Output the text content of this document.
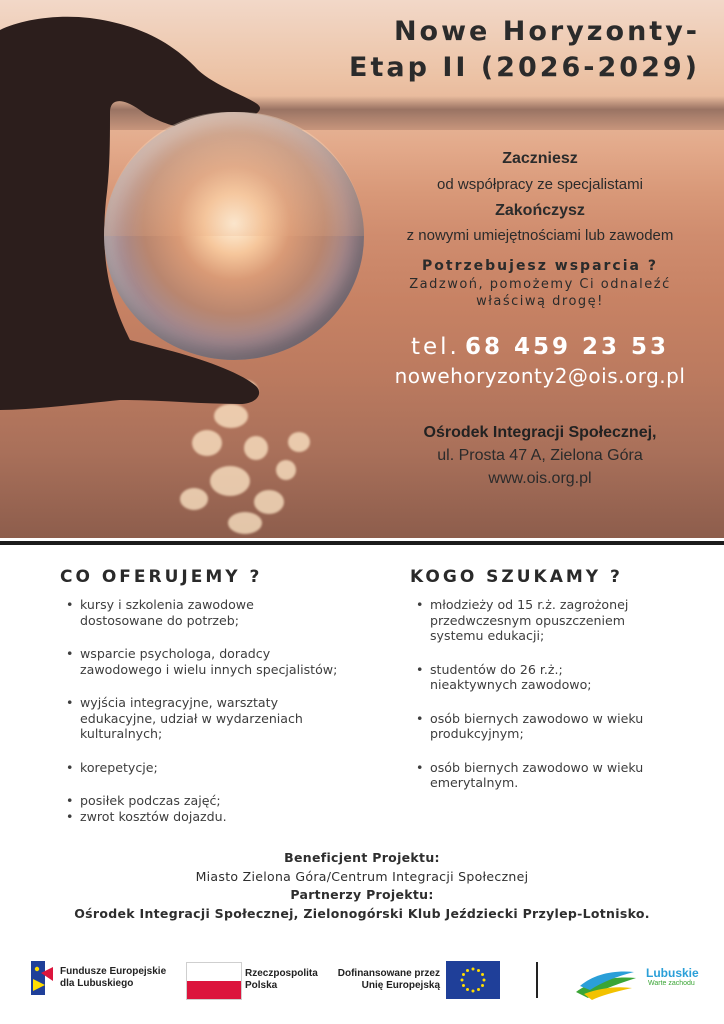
Nowe Horyzonty-
Etap II (2026-2029)
Zaczniesz
od współpracy ze specjalistami
Zakończysz
z nowymi umiejętnościami lub zawodem
Potrzebujesz wsparcia ?
Zadzwoń, pomożemy Ci odnaleźć
właściwą drogę!
tel. 68 459 23 53
nowehoryzonty2@ois.org.pl
Ośrodek Integracji Społecznej,
ul. Prosta 47 A, Zielona Góra
www.ois.org.pl
CO OFERUJEMY ?
• kursy i szkolenia zawodowe
dostosowane do potrzeb;
• wsparcie psychologa, doradcy
zawodowego i wielu innych specjalistów;
• wyjścia integracyjne, warsztaty
edukacyjne, udział w wydarzeniach
kulturalnych;
• korepetycje;
• posiłek podczas zajęć;
• zwrot kosztów dojazdu.
KOGO SZUKAMY ?
• młodzieży od 15 r.ż. zagrożonej
przedwczesnym opuszczeniem
systemu edukacji;
• studentów do 26 r.ż.;
nieaktywnych zawodowo;
• osób biernych zawodowo w wieku
produkcyjnym;
• osób biernych zawodowo w wieku
emerytalnym.
Beneficjent Projektu:
Miasto Zielona Góra/Centrum Integracji Społecznej
Partnerzy Projektu:
Ośrodek Integracji Społecznej, Zielonogórski Klub Jeździecki Przylep-Lotnisko.
Fundusze Europejskie
dla Lubuskiego
Rzeczpospolita
Polska
Dofinansowane przez
Unię Europejską
Lubuskie
Warte zachodu
